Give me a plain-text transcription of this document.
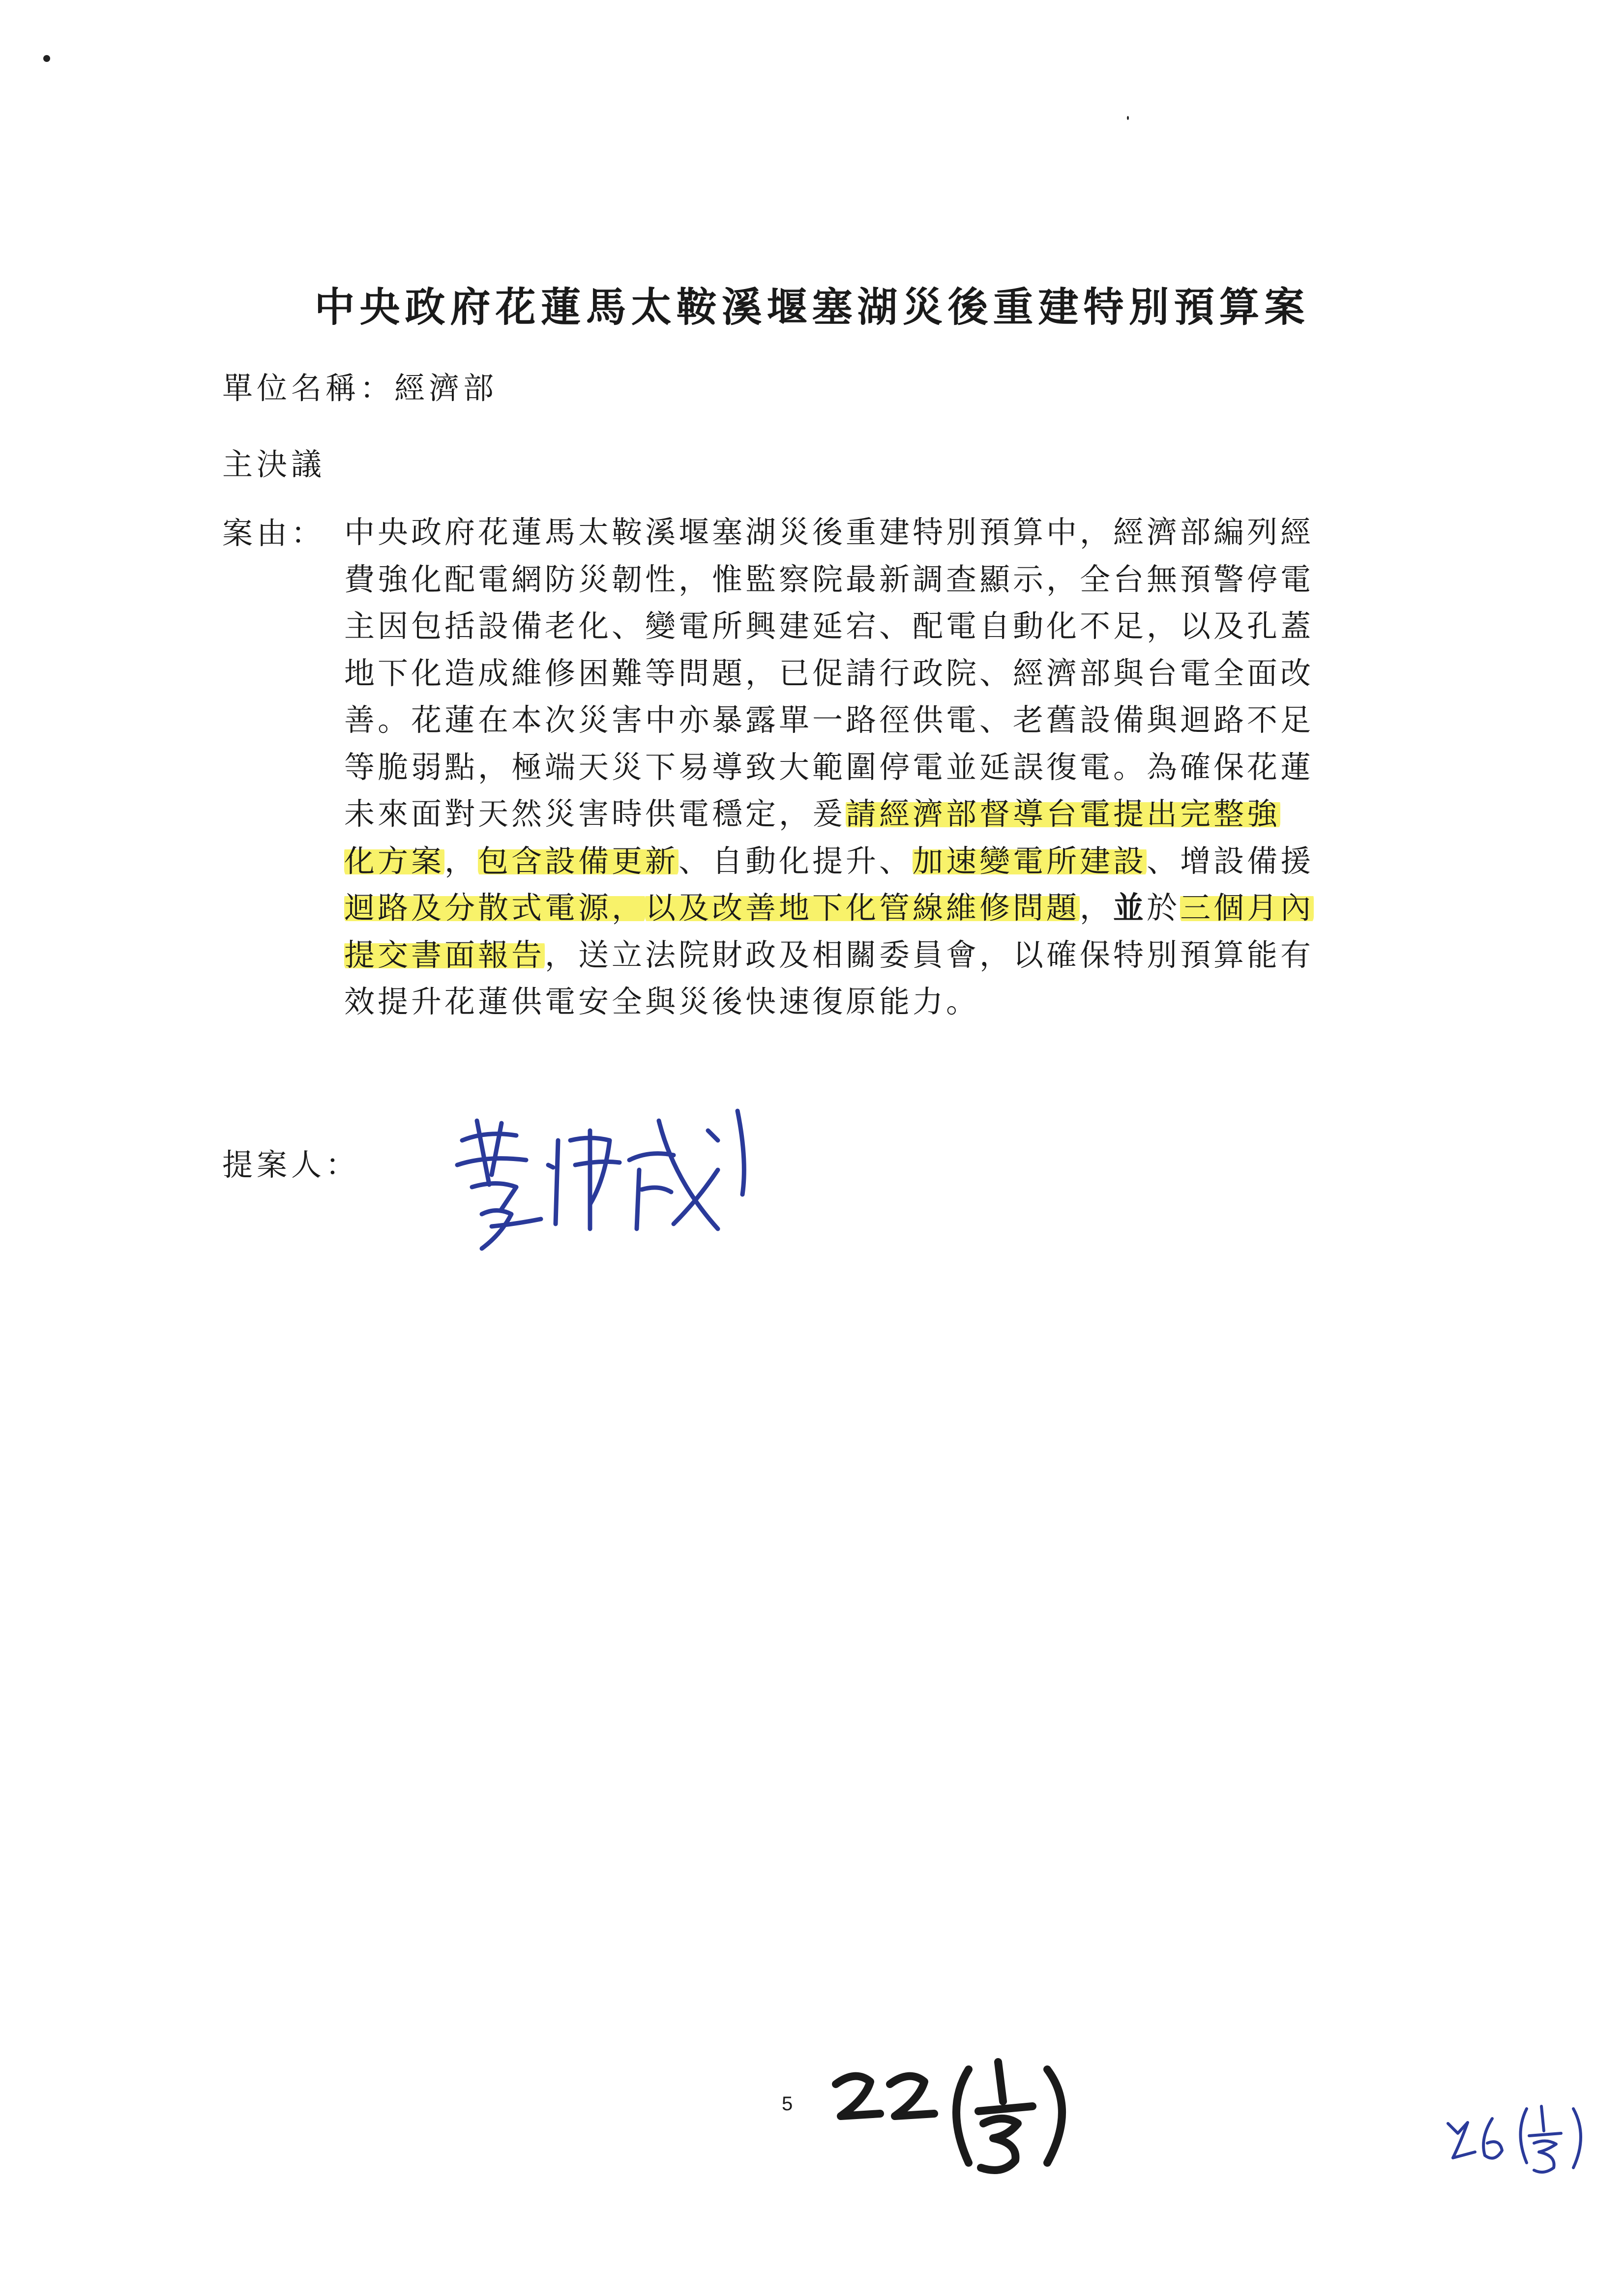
中央政府花蓮馬太鞍溪堰塞湖災後重建特別預算案
單位名稱：經濟部
主決議
案由： 中央政府花蓮馬太鞍溪堰塞湖災後重建特別預算中，經濟部編列經
費強化配電網防災韌性，惟監察院最新調查顯示，全台無預警停電
主因包括設備老化、變電所興建延宕、配電自動化不足，以及孔蓋
地下化造成維修困難等問題，已促請行政院、經濟部與台電全面改
善。花蓮在本次災害中亦暴露單一路徑供電、老舊設備與迴路不足
等脆弱點，極端天災下易導致大範圍停電並延誤復電。為確保花蓮
未來面對天然災害時供電穩定，爰請經濟部督導台電提出完整強
化方案，包含設備更新、自動化提升、加速變電所建設、增設備援
迴路及分散式電源，以及改善地下化管線維修問題，並於三個月內
提交書面報告，送立法院財政及相關委員會，以確保特別預算能有
效提升花蓮供電安全與災後快速復原能力。
提案人：
5
